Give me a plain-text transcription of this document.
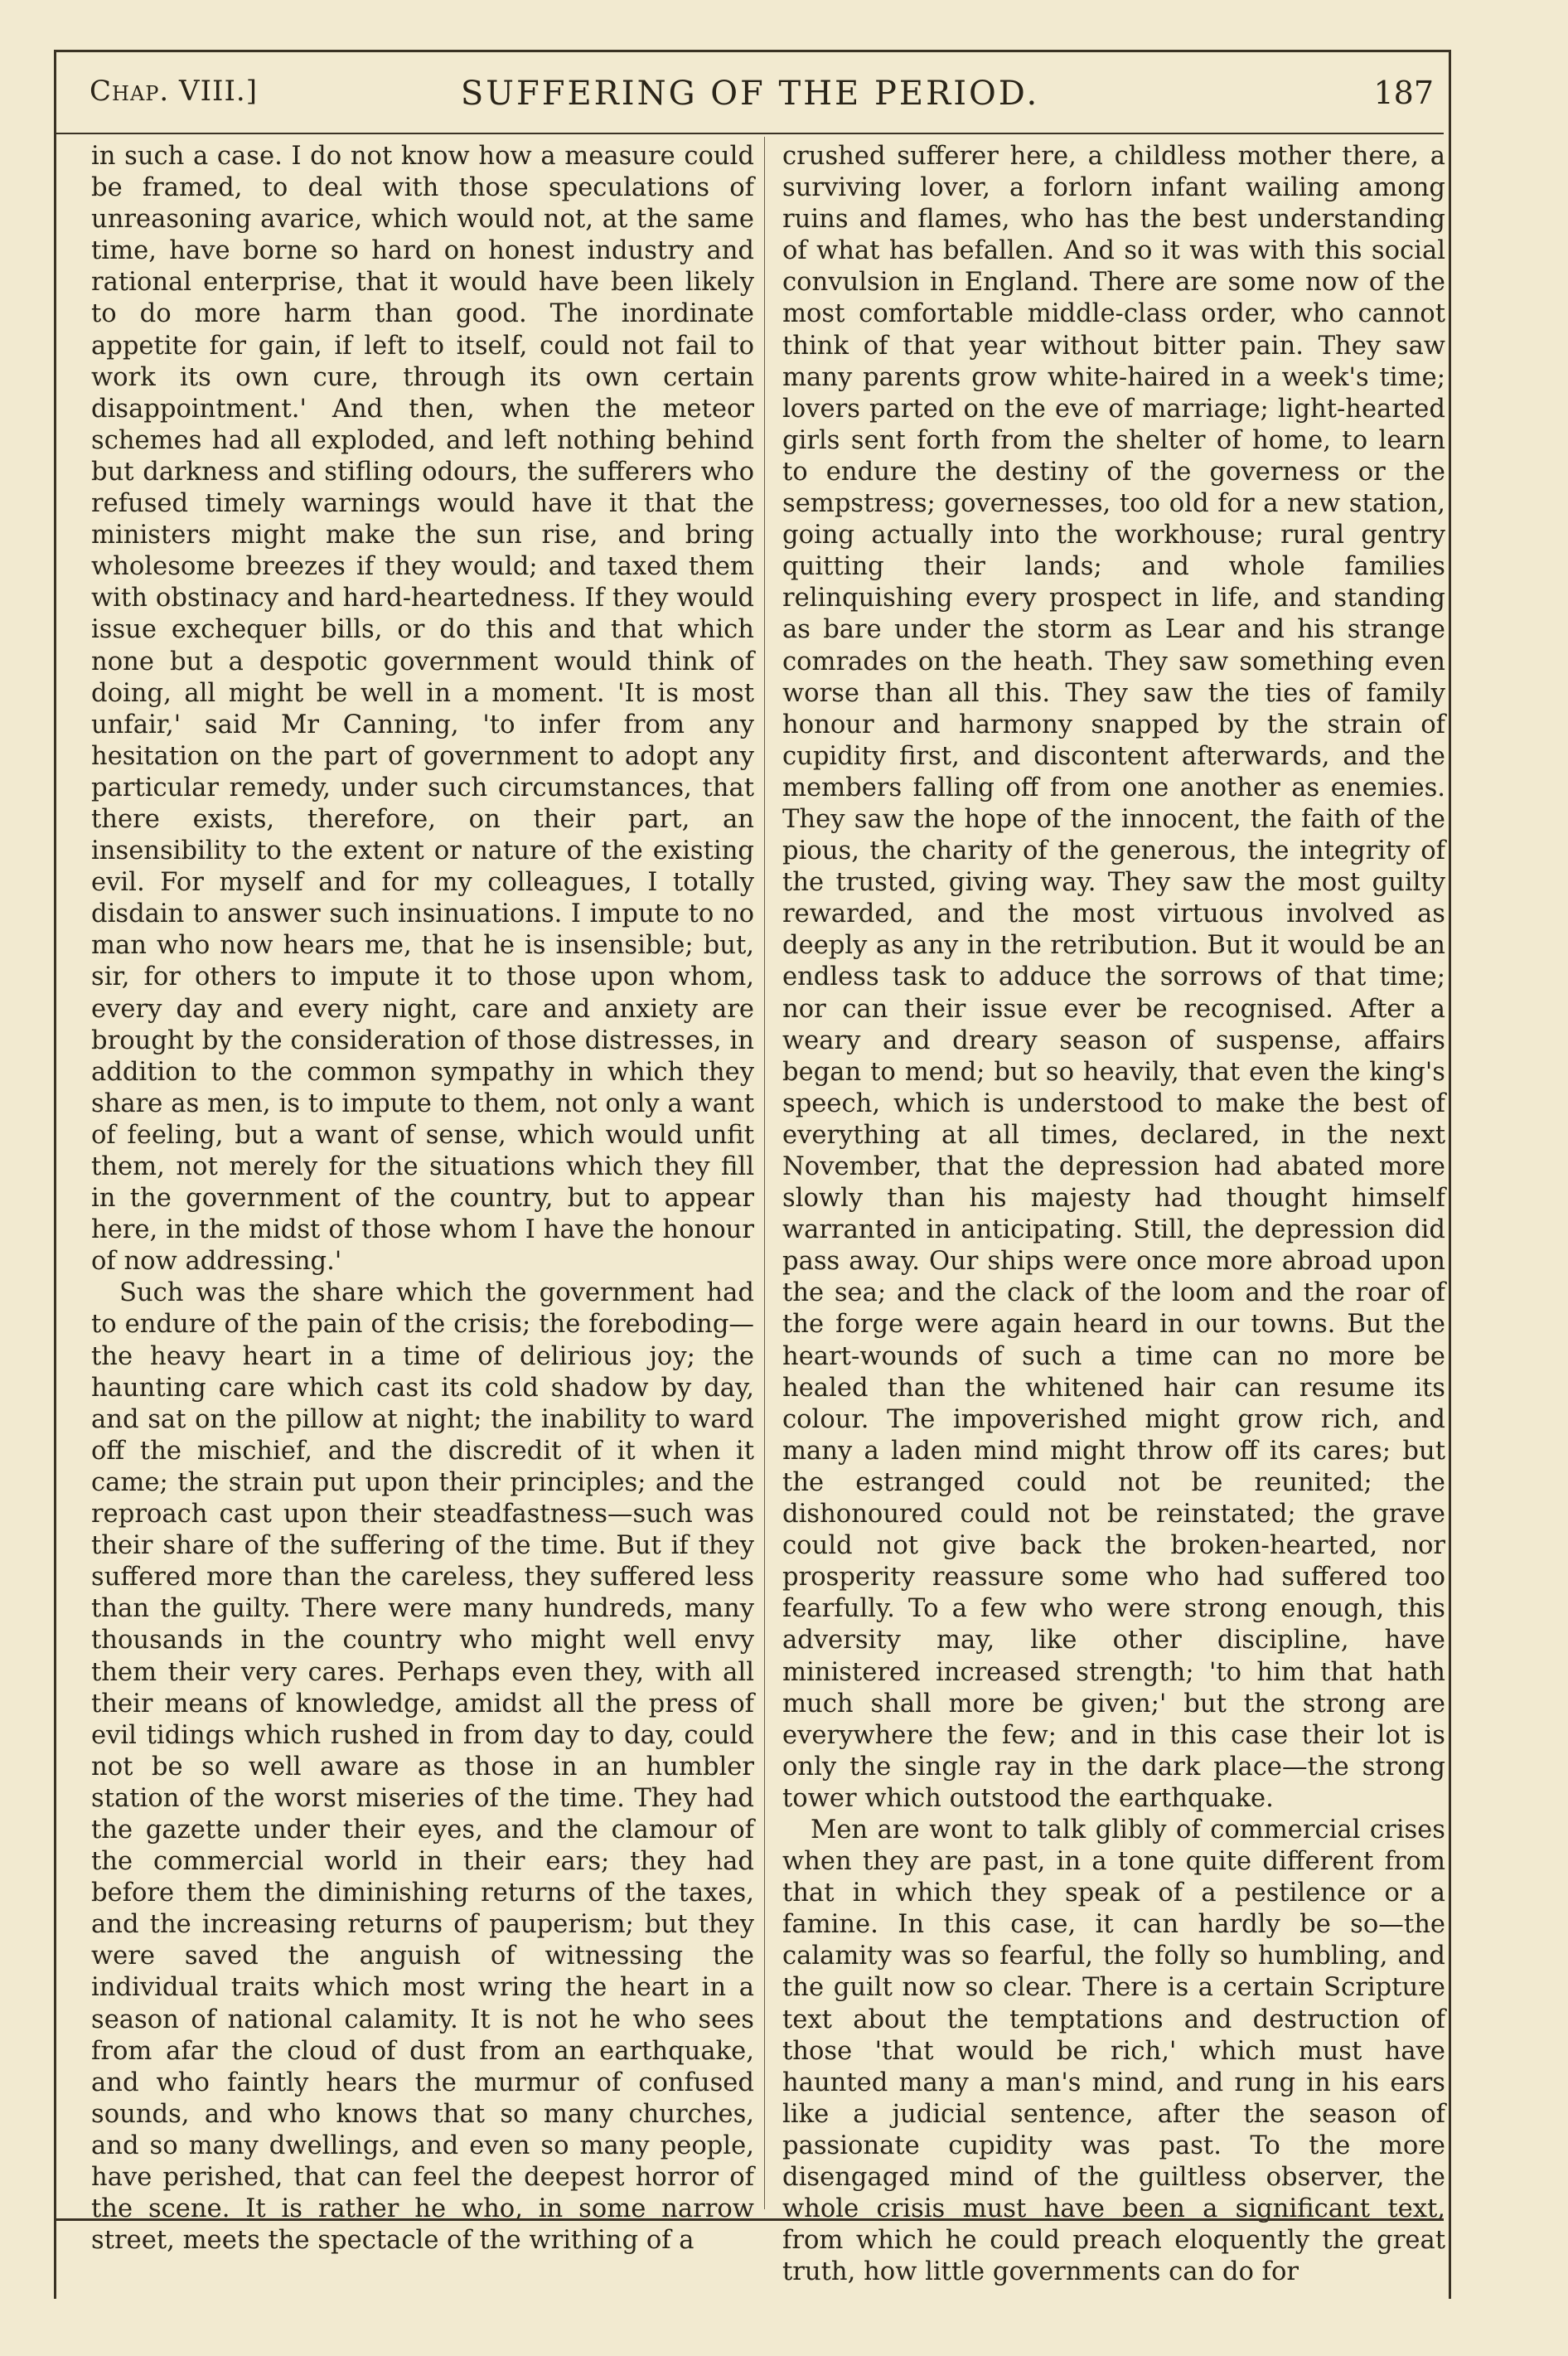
Chap. VIII.]	SUFFERING OF THE PERIOD.	187

in such a case. I do not know how a measure could be framed, to deal with those speculations of unreasoning avarice, which would not, at the same time, have borne so hard on honest industry and rational enterprise, that it would have been likely to do more harm than good. The inordinate appetite for gain, if left to itself, could not fail to work its own cure, through its own certain disappointment.' And then, when the meteor schemes had all exploded, and left nothing behind but darkness and stifling odours, the sufferers who refused timely warnings would have it that the ministers might make the sun rise, and bring wholesome breezes if they would; and taxed them with obstinacy and hard-heartedness. If they would issue exchequer bills, or do this and that which none but a despotic government would think of doing, all might be well in a moment. 'It is most unfair,' said Mr Canning, 'to infer from any hesitation on the part of government to adopt any particular remedy, under such circumstances, that there exists, therefore, on their part, an insensibility to the extent or nature of the existing evil. For myself and for my colleagues, I totally disdain to answer such insinuations. I impute to no man who now hears me, that he is insensible; but, sir, for others to impute it to those upon whom, every day and every night, care and anxiety are brought by the consideration of those distresses, in addition to the common sympathy in which they share as men, is to impute to them, not only a want of feeling, but a want of sense, which would unfit them, not merely for the situations which they fill in the government of the country, but to appear here, in the midst of those whom I have the honour of now addressing.'

Such was the share which the government had to endure of the pain of the crisis; the foreboding—the heavy heart in a time of delirious joy; the haunting care which cast its cold shadow by day, and sat on the pillow at night; the inability to ward off the mischief, and the discredit of it when it came; the strain put upon their principles; and the reproach cast upon their steadfastness—such was their share of the suffering of the time. But if they suffered more than the careless, they suffered less than the guilty. There were many hundreds, many thousands in the country who might well envy them their very cares. Perhaps even they, with all their means of knowledge, amidst all the press of evil tidings which rushed in from day to day, could not be so well aware as those in an humbler station of the worst miseries of the time. They had the gazette under their eyes, and the clamour of the commercial world in their ears; they had before them the diminishing returns of the taxes, and the increasing returns of pauperism; but they were saved the anguish of witnessing the individual traits which most wring the heart in a season of national calamity. It is not he who sees from afar the cloud of dust from an earthquake, and who faintly hears the murmur of confused sounds, and who knows that so many churches, and so many dwellings, and even so many people, have perished, that can feel the deepest horror of the scene. It is rather he who, in some narrow street, meets the spectacle of the writhing of a

crushed sufferer here, a childless mother there, a surviving lover, a forlorn infant wailing among ruins and flames, who has the best understanding of what has befallen. And so it was with this social convulsion in England. There are some now of the most comfortable middle-class order, who cannot think of that year without bitter pain. They saw many parents grow white-haired in a week's time; lovers parted on the eve of marriage; light-hearted girls sent forth from the shelter of home, to learn to endure the destiny of the governess or the sempstress; governesses, too old for a new station, going actually into the workhouse; rural gentry quitting their lands; and whole families relinquishing every prospect in life, and standing as bare under the storm as Lear and his strange comrades on the heath. They saw something even worse than all this. They saw the ties of family honour and harmony snapped by the strain of cupidity first, and discontent afterwards, and the members falling off from one another as enemies. They saw the hope of the innocent, the faith of the pious, the charity of the generous, the integrity of the trusted, giving way. They saw the most guilty rewarded, and the most virtuous involved as deeply as any in the retribution. But it would be an endless task to adduce the sorrows of that time; nor can their issue ever be recognised. After a weary and dreary season of suspense, affairs began to mend; but so heavily, that even the king's speech, which is understood to make the best of everything at all times, declared, in the next November, that the depression had abated more slowly than his majesty had thought himself warranted in anticipating. Still, the depression did pass away. Our ships were once more abroad upon the sea; and the clack of the loom and the roar of the forge were again heard in our towns. But the heart-wounds of such a time can no more be healed than the whitened hair can resume its colour. The impoverished might grow rich, and many a laden mind might throw off its cares; but the estranged could not be reunited; the dishonoured could not be reinstated; the grave could not give back the broken-hearted, nor prosperity reassure some who had suffered too fearfully. To a few who were strong enough, this adversity may, like other discipline, have ministered increased strength; 'to him that hath much shall more be given;' but the strong are everywhere the few; and in this case their lot is only the single ray in the dark place—the strong tower which outstood the earthquake.

Men are wont to talk glibly of commercial crises when they are past, in a tone quite different from that in which they speak of a pestilence or a famine. In this case, it can hardly be so—the calamity was so fearful, the folly so humbling, and the guilt now so clear. There is a certain Scripture text about the temptations and destruction of those 'that would be rich,' which must have haunted many a man's mind, and rung in his ears like a judicial sentence, after the season of passionate cupidity was past. To the more disengaged mind of the guiltless observer, the whole crisis must have been a significant text, from which he could preach eloquently the great truth, how little governments can do for
